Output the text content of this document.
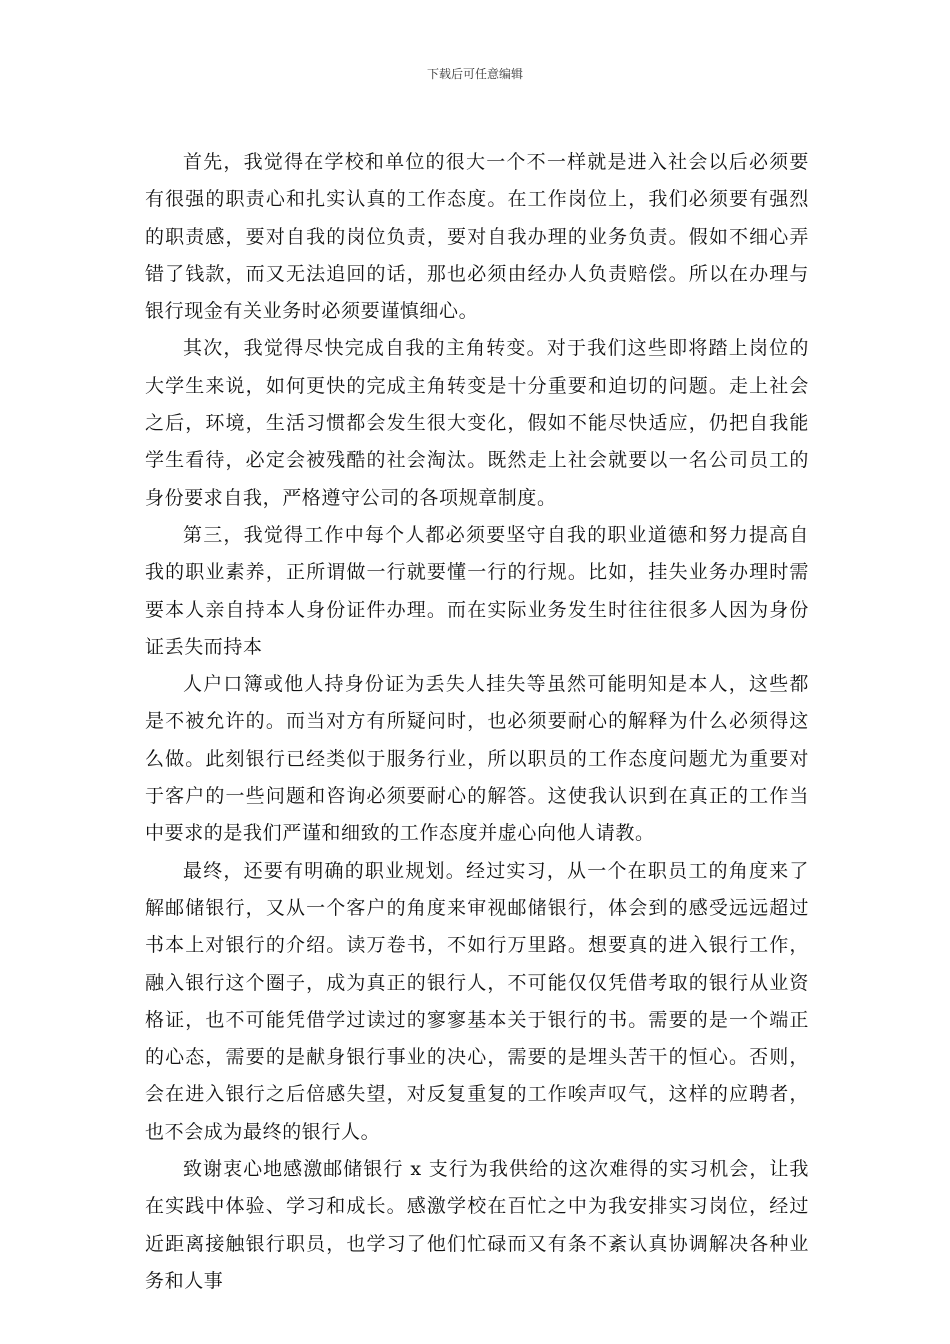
下载后可任意编辑

首先，我觉得在学校和单位的很大一个不一样就是进入社会以后必须要有很强的职责心和扎实认真的工作态度。在工作岗位上，我们必须要有强烈的职责感，要对自我的岗位负责，要对自我办理的业务负责。假如不细心弄错了钱款，而又无法追回的话，那也必须由经办人负责赔偿。所以在办理与银行现金有关业务时必须要谨慎细心。

其次，我觉得尽快完成自我的主角转变。对于我们这些即将踏上岗位的大学生来说，如何更快的完成主角转变是十分重要和迫切的问题。走上社会之后，环境，生活习惯都会发生很大变化，假如不能尽快适应，仍把自我能学生看待，必定会被残酷的社会淘汰。既然走上社会就要以一名公司员工的身份要求自我，严格遵守公司的各项规章制度。

第三，我觉得工作中每个人都必须要坚守自我的职业道德和努力提高自我的职业素养，正所谓做一行就要懂一行的行规。比如，挂失业务办理时需要本人亲自持本人身份证件办理。而在实际业务发生时往往很多人因为身份证丢失而持本

人户口簿或他人持身份证为丢失人挂失等虽然可能明知是本人，这些都是不被允许的。而当对方有所疑问时，也必须要耐心的解释为什么必须得这么做。此刻银行已经类似于服务行业，所以职员的工作态度问题尤为重要对于客户的一些问题和咨询必须要耐心的解答。这使我认识到在真正的工作当中要求的是我们严谨和细致的工作态度并虚心向他人请教。

最终，还要有明确的职业规划。经过实习，从一个在职员工的角度来了解邮储银行，又从一个客户的角度来审视邮储银行，体会到的感受远远超过书本上对银行的介绍。读万卷书，不如行万里路。想要真的进入银行工作，融入银行这个圈子，成为真正的银行人，不可能仅仅凭借考取的银行从业资格证，也不可能凭借学过读过的寥寥基本关于银行的书。需要的是一个端正的心态，需要的是献身银行事业的决心，需要的是埋头苦干的恒心。否则，会在进入银行之后倍感失望，对反复重复的工作唉声叹气，这样的应聘者，也不会成为最终的银行人。

致谢衷心地感激邮储银行 x 支行为我供给的这次难得的实习机会，让我在实践中体验、学习和成长。感激学校在百忙之中为我安排实习岗位，经过近距离接触银行职员，也学习了他们忙碌而又有条不紊认真协调解决各种业务和人事
